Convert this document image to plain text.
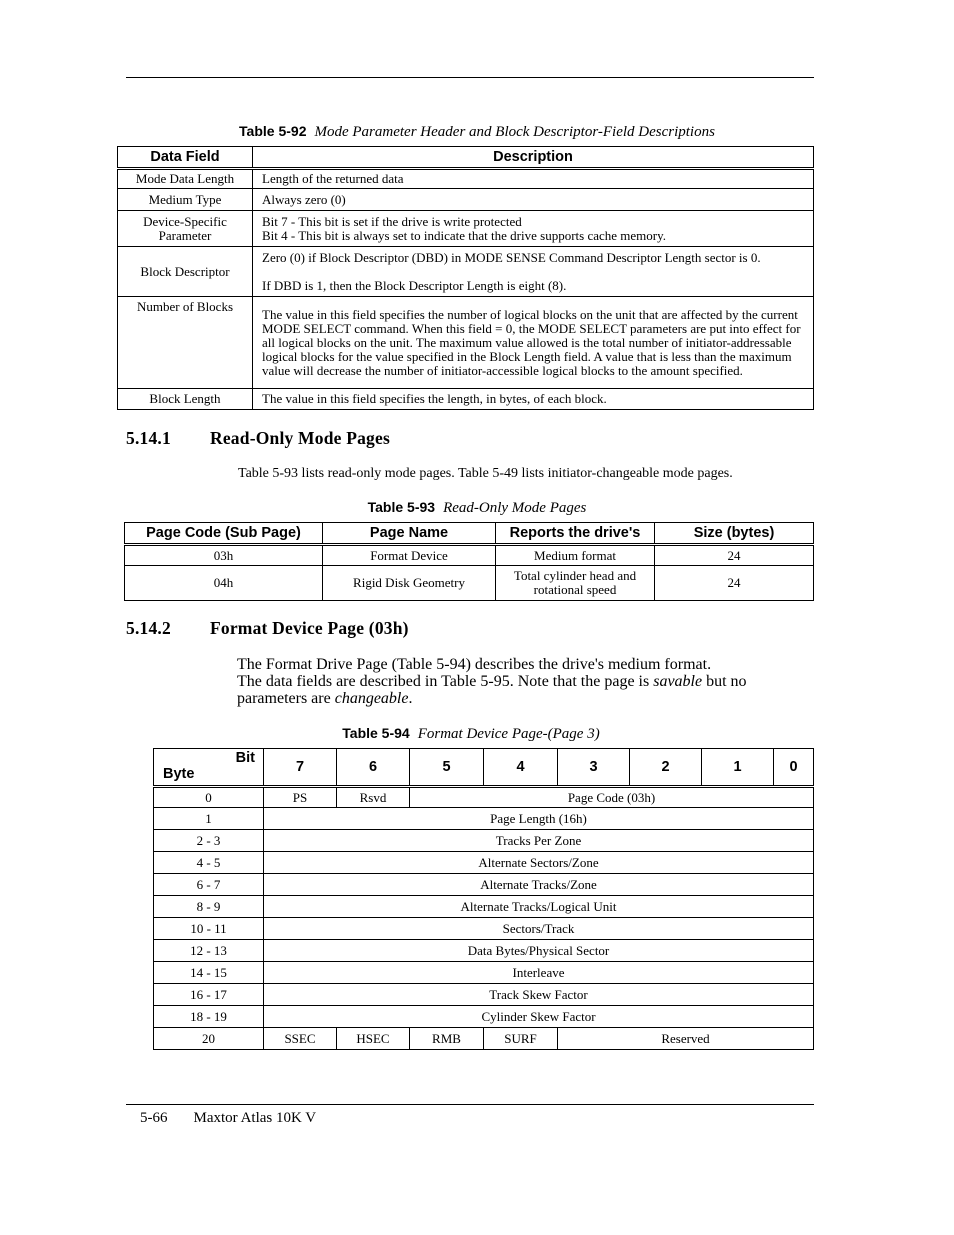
Table 5-92 Mode Parameter Header and Block Descriptor-Field Descriptions
Data Field	Description
Mode Data Length	Length of the returned data
Medium Type	Always zero (0)
Device-Specific Parameter	Bit 7 - This bit is set if the drive is write protected
Bit 4 - This bit is always set to indicate that the drive supports cache memory.

Block Descriptor	Zero (0) if Block Descriptor (DBD) in MODE SENSE Command Descriptor Length sector is 0.
If DBD is 1, then the Block Descriptor Length is eight (8).

Number of Blocks	The value in this field specifies the number of logical blocks on the unit that are affected by the current MODE SELECT command. When this field = 0, the MODE SELECT parameters are put into effect for all logical blocks on the unit. The maximum value allowed is the total number of initiator-addressable logical blocks for the value specified in the Block Length field. A value that is less than the maximum value will decrease the number of initiator-accessible logical blocks to the amount specified.
Block Length	The value in this field specifies the length, in bytes, of each block.
5.14.1 Read-Only Mode Pages
Table 5-93 lists read-only mode pages. Table 5-49 lists initiator-changeable mode pages.
Table 5-93 Read-Only Mode Pages
Page Code (Sub Page)	Page Name	Reports the drive's	Size (bytes)
03h	Format Device	Medium format	24
04h	Rigid Disk Geometry	Total cylinder head and rotational speed	24
5.14.2 Format Device Page (03h)
The Format Drive Page (Table 5-94) describes the drive's medium format.
The data fields are described in Table 5-95. Note that the page is savable but no parameters are changeable.
Table 5-94 Format Device Page-(Page 3)
Bit
Byte	7	6	5	4	3	2	1	0
0	PS	Rsvd	Page Code (03h)					
1	Page Length (16h)							
2 - 3	Tracks Per Zone							
4 - 5	Alternate Sectors/Zone							
6 - 7	Alternate Tracks/Zone							
8 - 9	Alternate Tracks/Logical Unit							
10 - 11	Sectors/Track							
12 - 13	Data Bytes/Physical Sector							
14 - 15	Interleave							
16 - 17	Track Skew Factor							
18 - 19	Cylinder Skew Factor							
20	SSEC	HSEC	RMB	SURF	Reserved			
5-66 Maxtor Atlas 10K V
